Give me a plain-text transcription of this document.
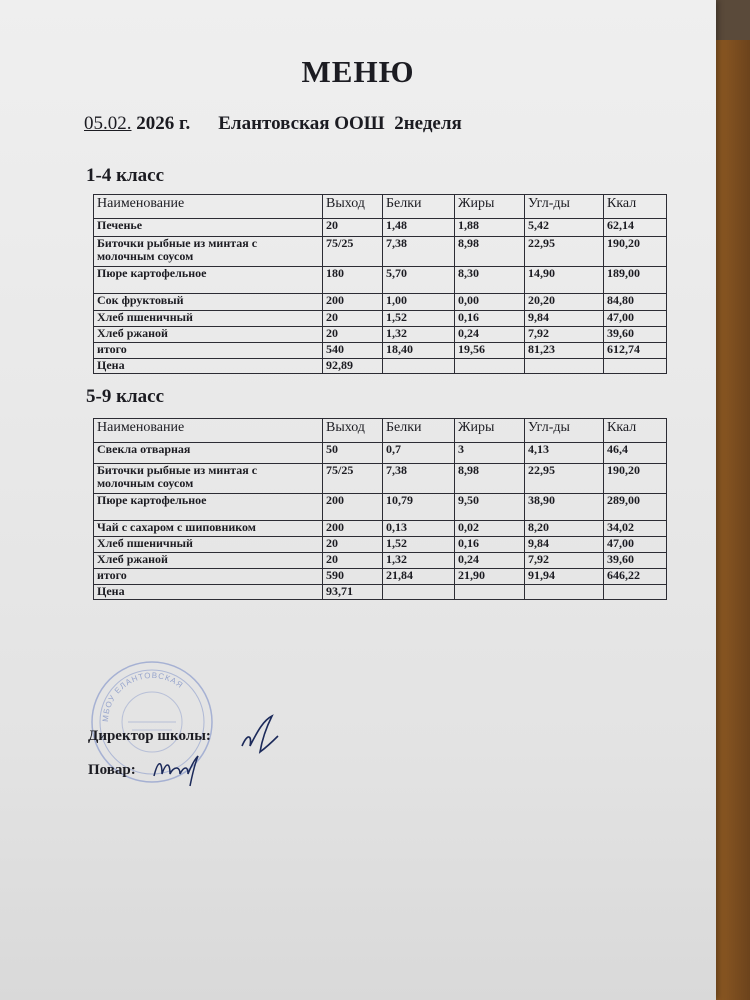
МЕНЮ
05.02. 2026 г. Елантовская ООШ 2неделя
1-4 класс
Наименование	Выход	Белки	Жиры	Угл-ды	Ккал
Печенье	20	1,48	1,88	5,42	62,14
Биточки рыбные из минтая с
молочным соусом	75/25	7,38	8,98	22,95	190,20
Пюре картофельное	180	5,70	8,30	14,90	189,00
Сок фруктовый	200	1,00	0,00	20,20	84,80
Хлеб пшеничный	20	1,52	0,16	9,84	47,00
Хлеб ржаной	20	1,32	0,24	7,92	39,60
итого	540	18,40	19,56	81,23	612,74
Цена	92,89				
5-9 класс
Наименование	Выход	Белки	Жиры	Угл-ды	Ккал
Свекла отварная	50	0,7	3	4,13	46,4
Биточки рыбные из минтая с
молочным соусом	75/25	7,38	8,98	22,95	190,20
Пюре картофельное	200	10,79	9,50	38,90	289,00
Чай с сахаром с шиповником	200	0,13	0,02	8,20	34,02
Хлеб пшеничный	20	1,52	0,16	9,84	47,00
Хлеб ржаной	20	1,32	0,24	7,92	39,60
итого	590	21,84	21,90	91,94	646,22
Цена	93,71				
МБОУ ЕЛАНТОВСКАЯ
Директор школы:
Повар:
